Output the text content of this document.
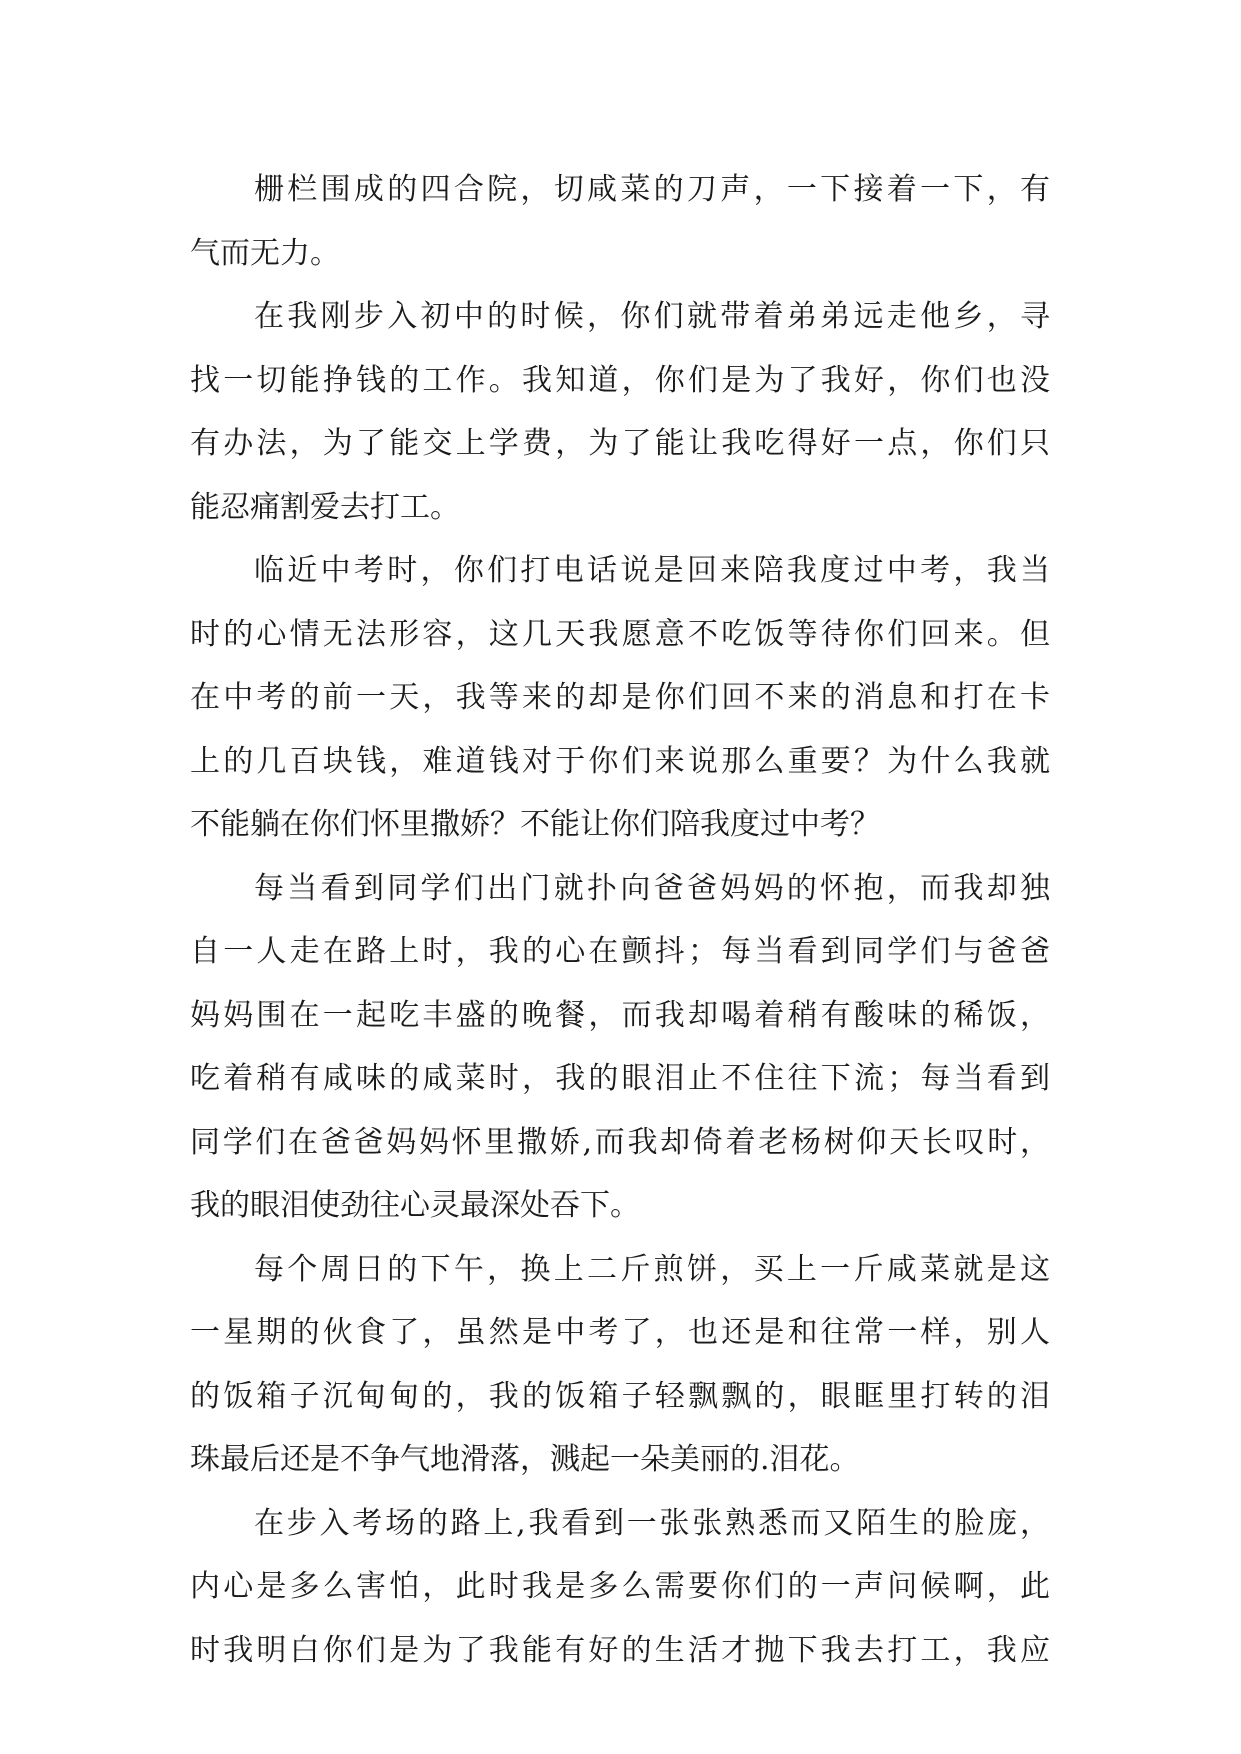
栅栏围成的四合院，切咸菜的刀声，一下接着一下，有
气而无力。
在我刚步入初中的时候，你们就带着弟弟远走他乡，寻
找一切能挣钱的工作。我知道，你们是为了我好，你们也没
有办法，为了能交上学费，为了能让我吃得好一点，你们只
能忍痛割爱去打工。
临近中考时，你们打电话说是回来陪我度过中考，我当
时的心情无法形容，这几天我愿意不吃饭等待你们回来。但
在中考的前一天，我等来的却是你们回不来的消息和打在卡
上的几百块钱，难道钱对于你们来说那么重要？为什么我就
不能躺在你们怀里撒娇？不能让你们陪我度过中考？
每当看到同学们出门就扑向爸爸妈妈的怀抱，而我却独
自一人走在路上时，我的心在颤抖；每当看到同学们与爸爸
妈妈围在一起吃丰盛的晚餐，而我却喝着稍有酸味的稀饭，
吃着稍有咸味的咸菜时，我的眼泪止不住往下流；每当看到
同学们在爸爸妈妈怀里撒娇,而我却倚着老杨树仰天长叹时，
我的眼泪使劲往心灵最深处吞下。
每个周日的下午，换上二斤煎饼，买上一斤咸菜就是这
一星期的伙食了，虽然是中考了，也还是和往常一样，别人
的饭箱子沉甸甸的，我的饭箱子轻飘飘的，眼眶里打转的泪
珠最后还是不争气地滑落，溅起一朵美丽的.泪花。
在步入考场的路上,我看到一张张熟悉而又陌生的脸庞，
内心是多么害怕，此时我是多么需要你们的一声问候啊，此
时我明白你们是为了我能有好的生活才抛下我去打工，我应
